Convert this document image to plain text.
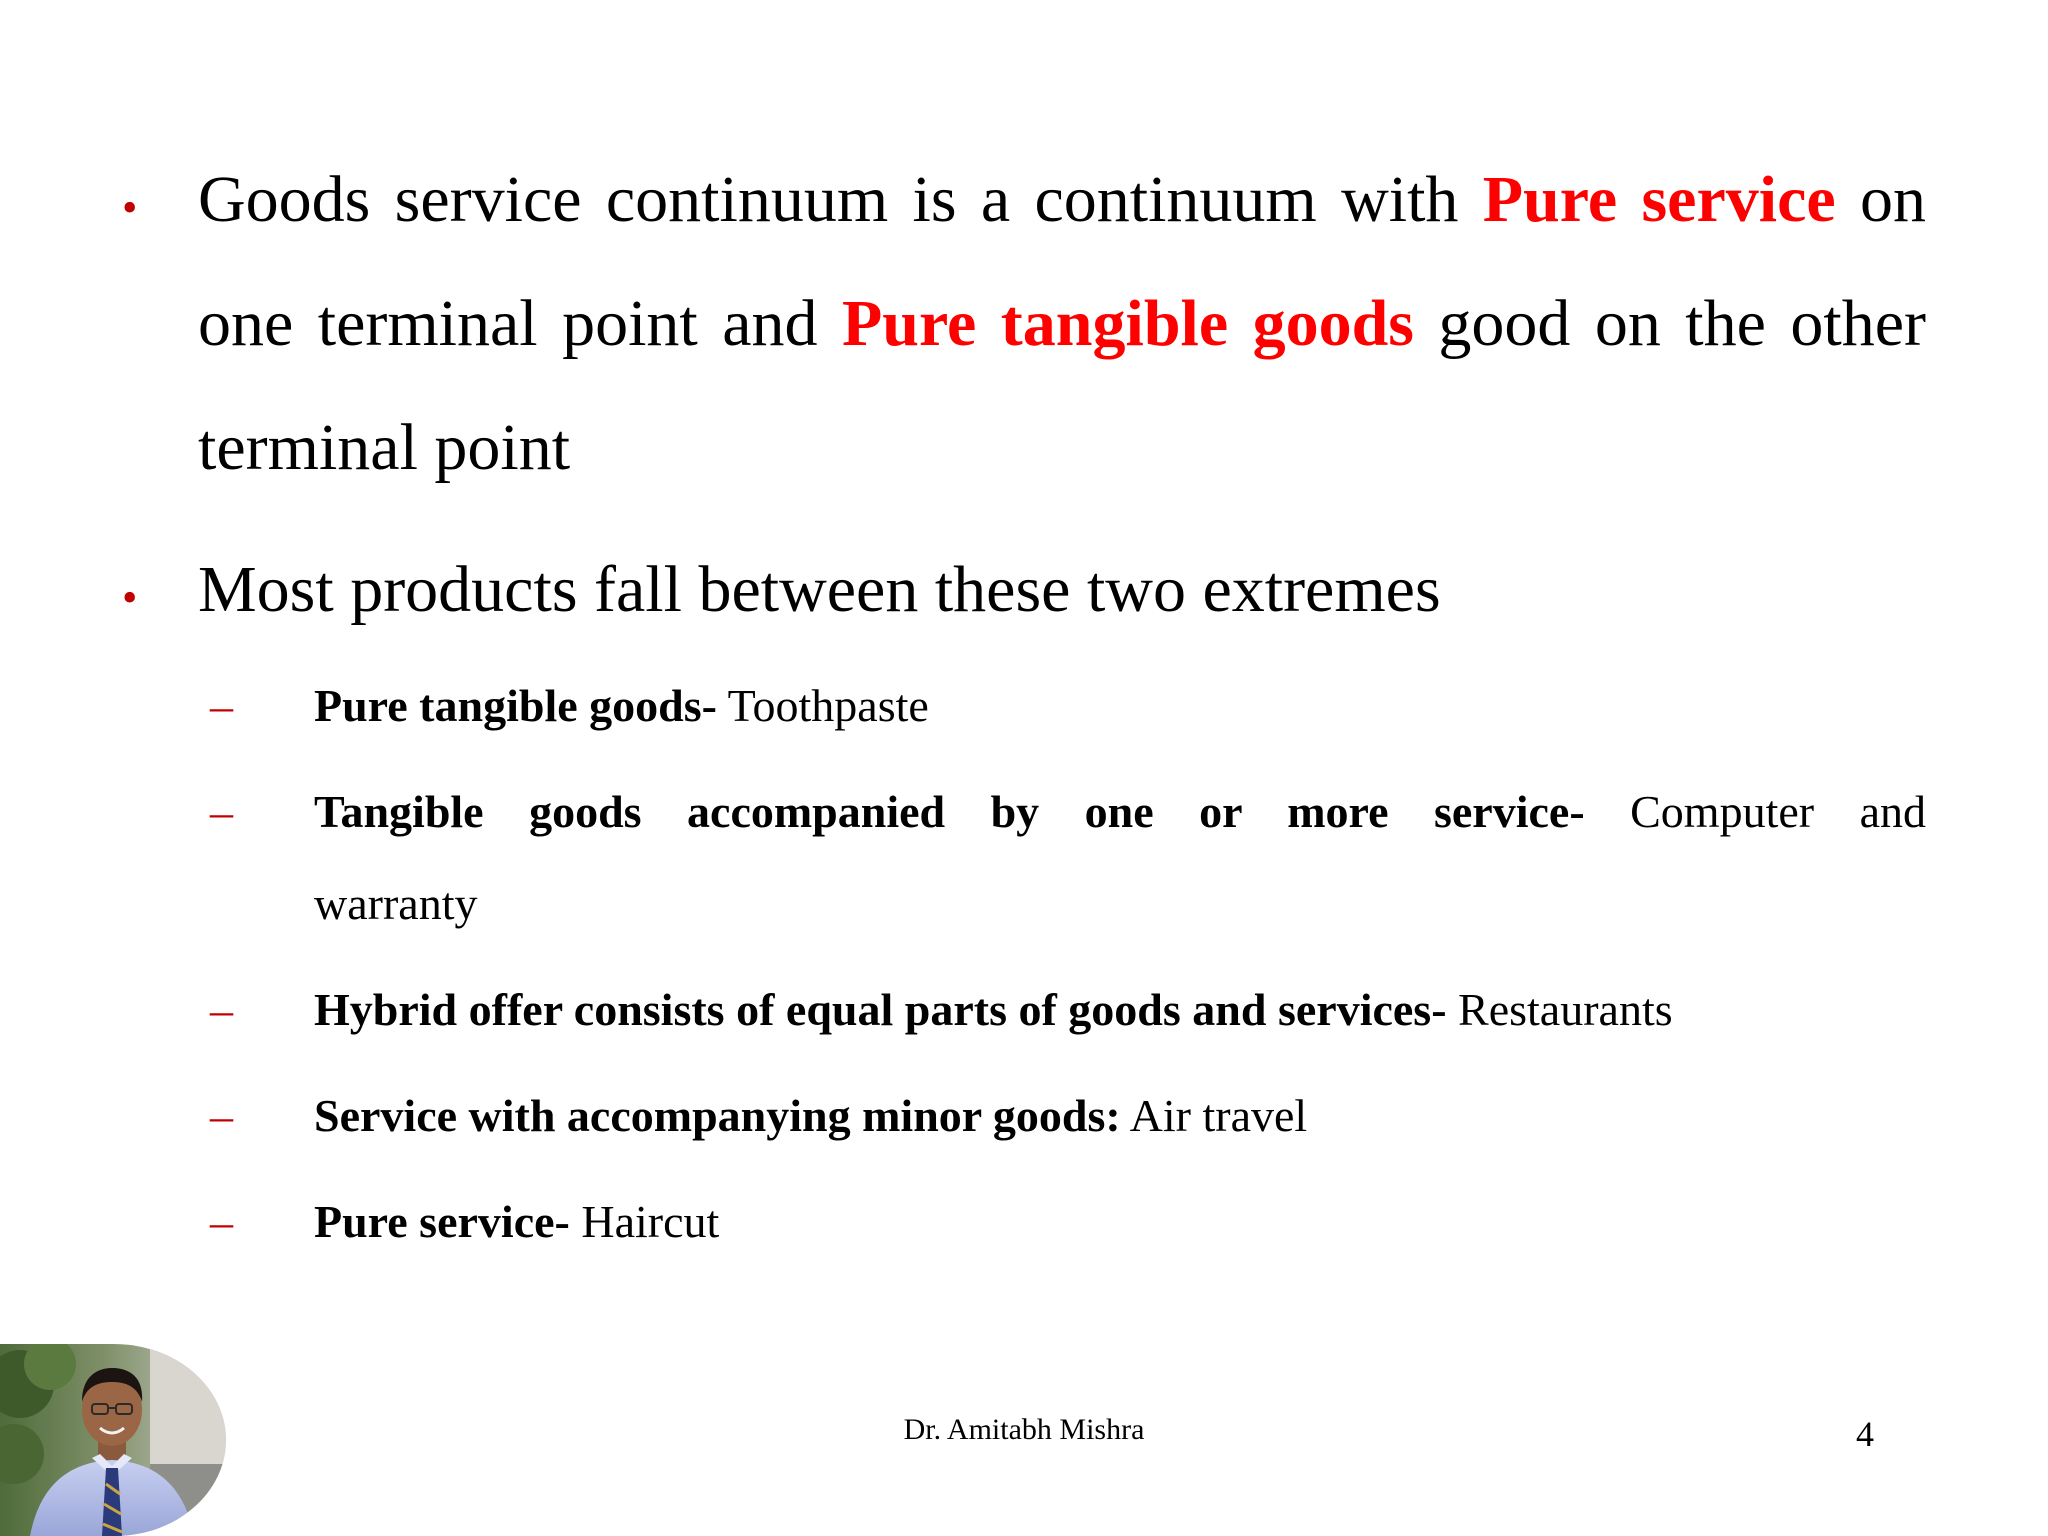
• Goods service continuum is a continuum with Pure service on one terminal point and Pure tangible goods good on the other terminal point
• Most products fall between these two extremes
– Pure tangible goods- Toothpaste
– Tangible goods accompanied by one or more service- Computer and
warranty
– Hybrid offer consists of equal parts of goods and services- Restaurants
– Service with accompanying minor goods: Air travel
– Pure service- Haircut
Dr. Amitabh Mishra	4
